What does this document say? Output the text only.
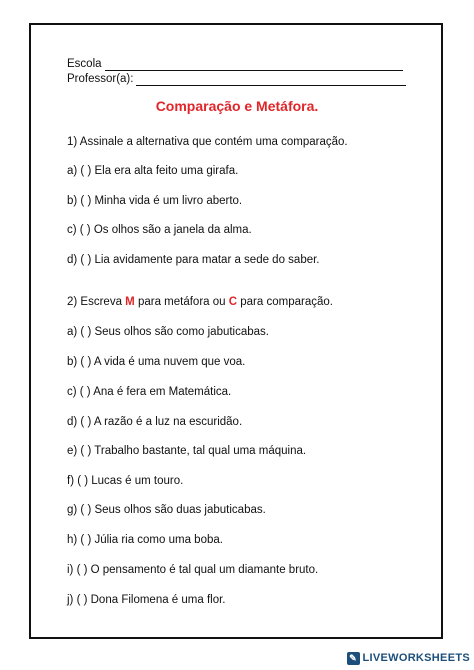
Escola
Professor(a):
Comparação e Metáfora.
1) Assinale a alternativa que contém uma comparação.
a) ( ) Ela era alta feito uma girafa.
b) ( ) Minha vida é um livro aberto.
c) ( ) Os olhos são a janela da alma.
d) ( ) Lia avidamente para matar a sede do saber.
2) Escreva M para metáfora ou C para comparação.
a) ( ) Seus olhos são como jabuticabas.
b) ( ) A vida é uma nuvem que voa.
c) ( ) Ana é fera em Matemática.
d) ( ) A razão é a luz na escuridão.
e) ( ) Trabalho bastante, tal qual uma máquina.
f) ( ) Lucas é um touro.
g) ( ) Seus olhos são duas jabuticabas.
h) ( ) Júlia ria como uma boba.
i) ( ) O pensamento é tal qual um diamante bruto.
j) ( ) Dona Filomena é uma flor.
✎ LIVEWORKSHEETS
